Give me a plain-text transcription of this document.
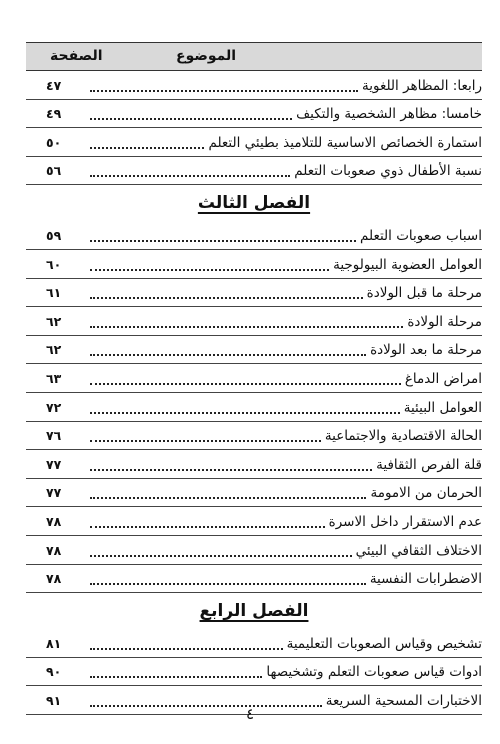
الموضوع
الصفحة
رابعا: المظاهر اللغوية
٤٧
خامسا: مظاهر الشخصية والتكيف
٤٩
استمارة الخصائص الاساسية للتلاميذ بطيئي التعلم
٥٠
نسبة الأطفال ذوي صعوبات التعلم
٥٦
الفصل الثالث
اسباب صعوبات التعلم
٥٩
العوامل العضوية البيولوجية
٦٠
مرحلة ما قبل الولادة
٦١
مرحلة الولادة
٦٢
مرحلة ما بعد الولادة
٦٢
امراض الدماغ
٦٣
العوامل البيئية
٧٢
الحالة الاقتصادية والاجتماعية
٧٦
قلة الفرص الثقافية
٧٧
الحرمان من الامومة
٧٧
عدم الاستقرار داخل الاسرة
٧٨
الاختلاف الثقافي البيئي
٧٨
الاضطرابات النفسية
٧٨
الفصل الرابع
تشخيص وقياس الصعوبات التعليمية
٨١
ادوات قياس صعوبات التعلم وتشخيصها
٩٠
الاختبارات المسحية السريعة
٩١
٤
